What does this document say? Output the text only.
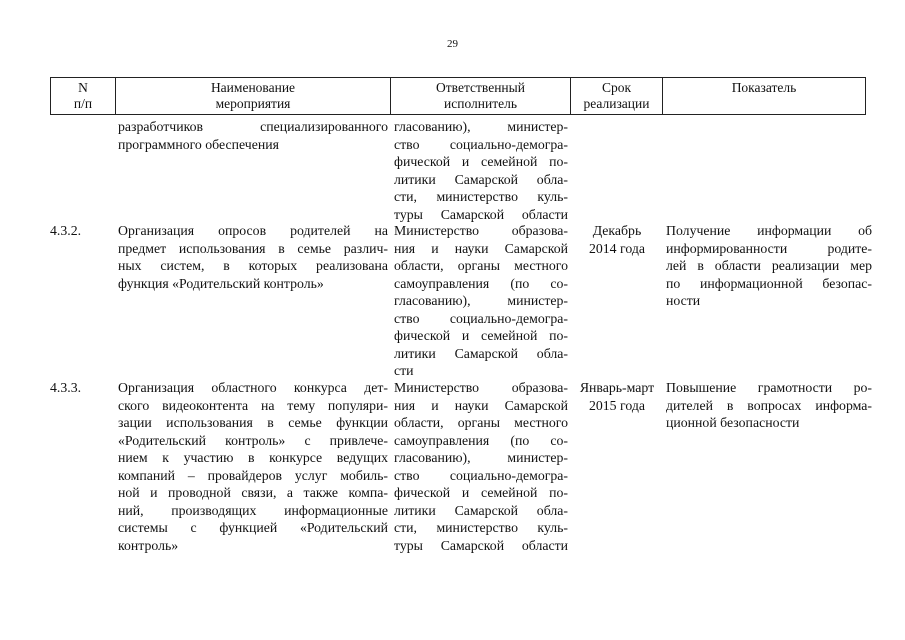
29
N
п/п
Наименование
мероприятия
Ответственный
исполнитель
Срок
реализации
Показатель
разработчиков специализированного
программного обеспечения
гласованию), министер-
ство социально-демогра-
фической и семейной по-
литики Самарской обла-
сти, министерство куль-
туры Самарской области
4.3.2.	Организация опросов родителей на
предмет использования в семье различ-
ных систем, в которых реализована
функция «Родительский контроль»
Министерство образова-
ния и науки Самарской
области, органы местного
самоуправления (по со-
гласованию), министер-
ство социально-демогра-
фической и семейной по-
литики Самарской обла-
сти
Декабрь
2014 года
Получение информации об
информированности родите-
лей в области реализации мер
по информационной безопас-
ности
4.3.3.	Организация областного конкурса дет-
ского видеоконтента на тему популяри-
зации использования в семье функции
«Родительский контроль» с привлече-
нием к участию в конкурсе ведущих
компаний – провайдеров услуг мобиль-
ной и проводной связи, а также компа-
ний, производящих информационные
системы с функцией «Родительский
контроль»
Министерство образова-
ния и науки Самарской
области, органы местного
самоуправления (по со-
гласованию), министер-
ство социально-демогра-
фической и семейной по-
литики Самарской обла-
сти, министерство куль-
туры Самарской области
Январь-март
2015 года
Повышение грамотности ро-
дителей в вопросах информа-
ционной безопасности
